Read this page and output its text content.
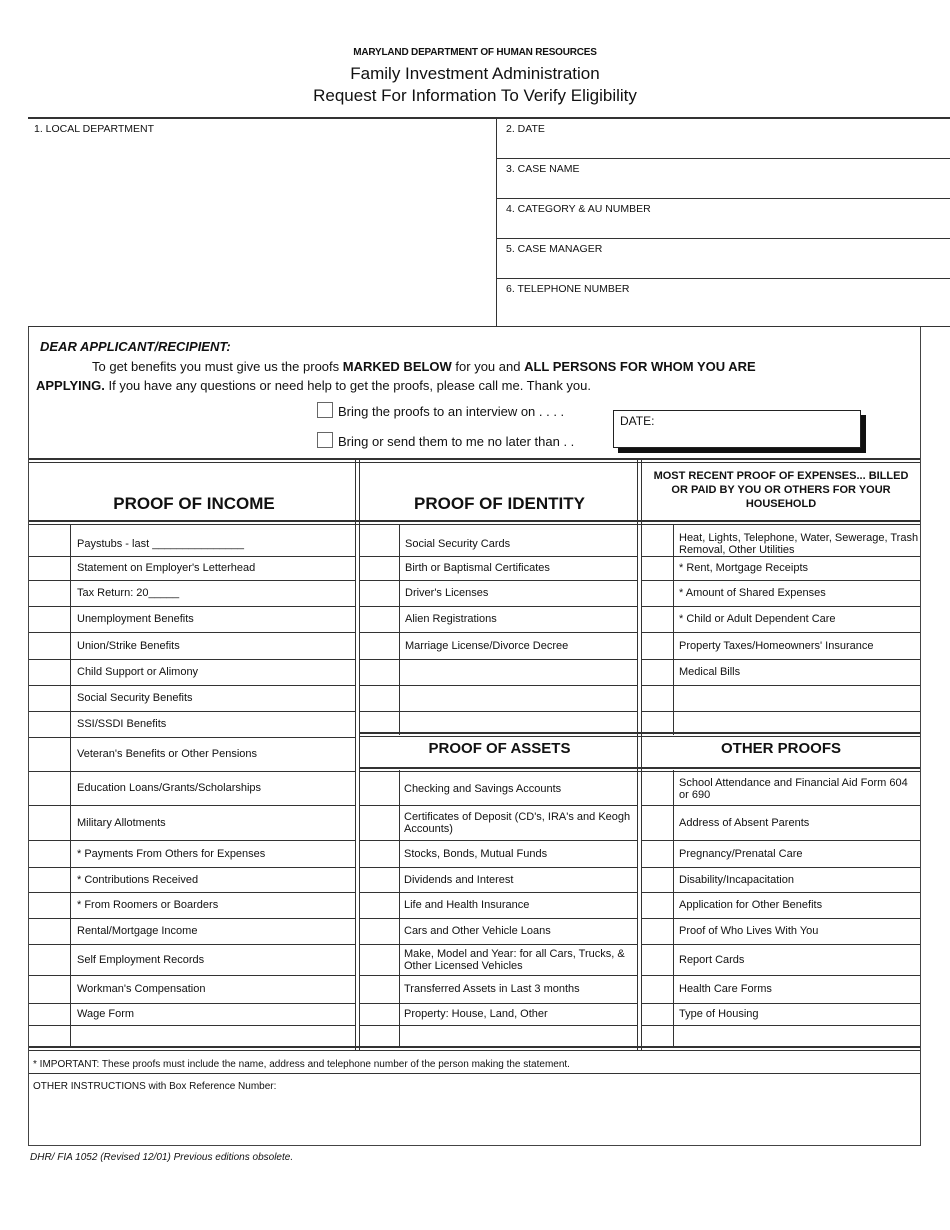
MARYLAND DEPARTMENT OF HUMAN RESOURCES
Family Investment Administration
Request For Information To Verify Eligibility
1. LOCAL DEPARTMENT	2. DATE
3. CASE NAME
4. CATEGORY & AU NUMBER
5. CASE MANAGER
6. TELEPHONE NUMBER
DEAR APPLICANT/RECIPIENT:
To get benefits you must give us the proofs MARKED BELOW for you and ALL PERSONS FOR WHOM YOU ARE
APPLYING. If you have any questions or need help to get the proofs, please call me. Thank you.
Bring the proofs to an interview on . . . .
Bring or send them to me no later than . .
DATE:
Paystubs - last _______________
Statement on Employer's Letterhead
Tax Return: 20_____
Unemployment Benefits
Union/Strike Benefits
Child Support or Alimony
Social Security Benefits
SSI/SSDI Benefits
Veteran's Benefits or Other Pensions
Education Loans/Grants/Scholarships
Military Allotments
* Payments From Others for Expenses
* Contributions Received
* From Roomers or Boarders
Rental/Mortgage Income
Self Employment Records
Workman's Compensation
Wage Form
Social Security Cards
Birth or Baptismal Certificates
Driver's Licenses
Alien Registrations
Marriage License/Divorce Decree
Heat, Lights, Telephone, Water, Sewerage, Trash Removal, Other Utilities
* Rent, Mortgage Receipts
* Amount of Shared Expenses
* Child or Adult Dependent Care
Property Taxes/Homeowners' Insurance
Medical Bills
Checking and Savings Accounts
Certificates of Deposit (CD's, IRA's and Keogh Accounts)
Stocks, Bonds, Mutual Funds
Dividends and Interest
Life and Health Insurance
Cars and Other Vehicle Loans
Make, Model and Year: for all Cars, Trucks, & Other Licensed Vehicles
Transferred Assets in Last 3 months
Property: House, Land, Other
School Attendance and Financial Aid Form 604 or 690
Address of Absent Parents
Pregnancy/Prenatal Care
Disability/Incapacitation
Application for Other Benefits
Proof of Who Lives With You
Report Cards
Health Care Forms
Type of Housing
PROOF OF INCOME	PROOF OF IDENTITY
MOST RECENT PROOF OF EXPENSES... BILLED OR PAID BY YOU OR OTHERS FOR YOUR HOUSEHOLD
PROOF OF ASSETS	OTHER PROOFS
* IMPORTANT: These proofs must include the name, address and telephone number of the person making the statement.
OTHER INSTRUCTIONS with Box Reference Number:
DHR/ FIA 1052 (Revised 12/01) Previous editions obsolete.
